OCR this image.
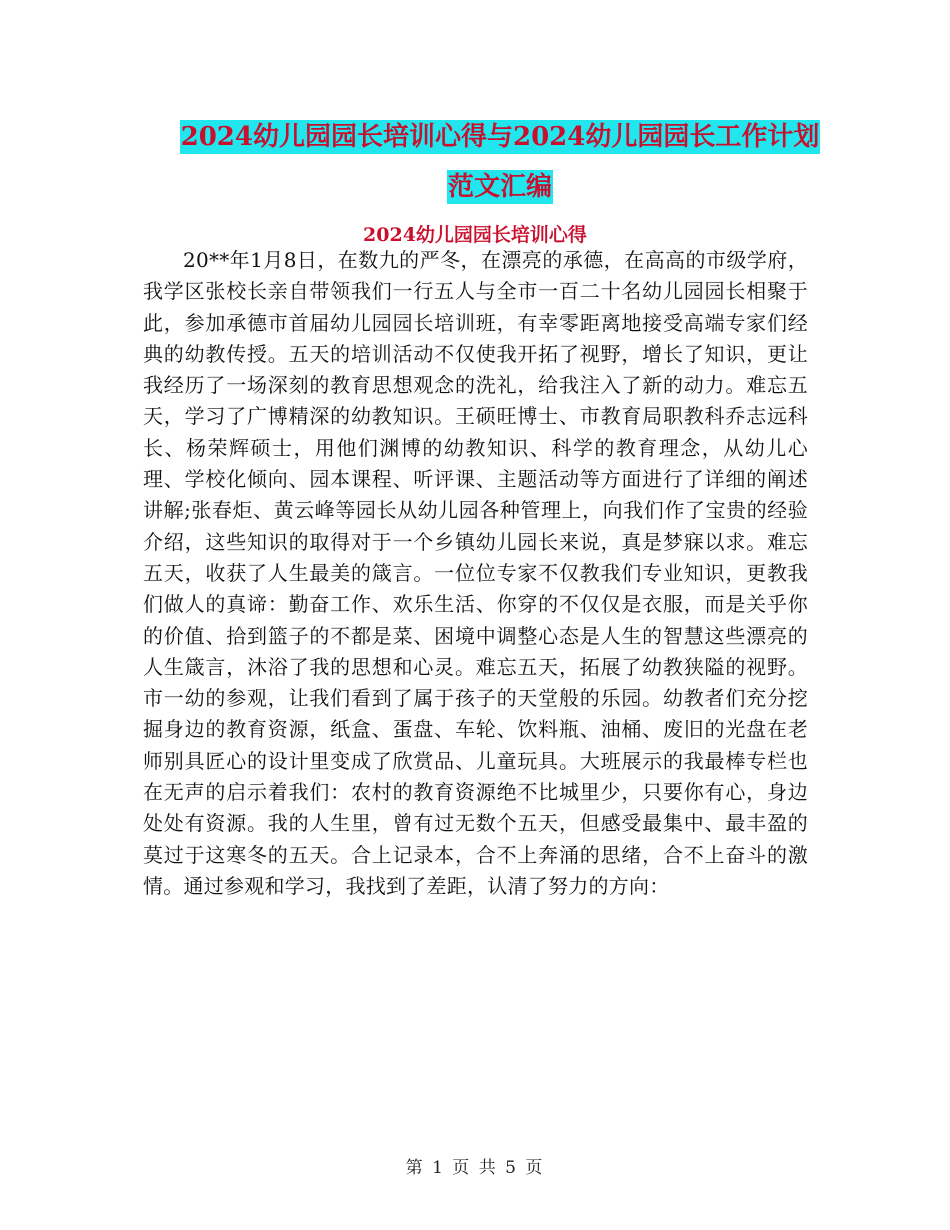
2024幼儿园园长培训心得与2024幼儿园园长工作计划
范文汇编
2024幼儿园园长培训心得

20**年1月8日，在数九的严冬，在漂亮的承德，在高高的市级学府，我学区张校长亲自带领我们一行五人与全市一百二十名幼儿园园长相聚于此，参加承德市首届幼儿园园长培训班，有幸零距离地接受高端专家们经典的幼教传授。五天的培训活动不仅使我开拓了视野，增长了知识，更让我经历了一场深刻的教育思想观念的洗礼，给我注入了新的动力。难忘五天，学习了广博精深的幼教知识。王硕旺博士、市教育局职教科乔志远科长、杨荣辉硕士，用他们渊博的幼教知识、科学的教育理念，从幼儿心理、学校化倾向、园本课程、听评课、主题活动等方面进行了详细的阐述讲解;张春炬、黄云峰等园长从幼儿园各种管理上，向我们作了宝贵的经验介绍，这些知识的取得对于一个乡镇幼儿园长来说，真是梦寐以求。难忘五天，收获了人生最美的箴言。一位位专家不仅教我们专业知识，更教我们做人的真谛：勤奋工作、欢乐生活、你穿的不仅仅是衣服，而是关乎你的价值、拾到篮子的不都是菜、困境中调整心态是人生的智慧这些漂亮的人生箴言，沐浴了我的思想和心灵。难忘五天，拓展了幼教狭隘的视野。市一幼的参观，让我们看到了属于孩子的天堂般的乐园。幼教者们充分挖掘身边的教育资源，纸盒、蛋盘、车轮、饮料瓶、油桶、废旧的光盘在老师别具匠心的设计里变成了欣赏品、儿童玩具。大班展示的我最棒专栏也在无声的启示着我们：农村的教育资源绝不比城里少，只要你有心，身边处处有资源。我的人生里，曾有过无数个五天，但感受最集中、最丰盈的莫过于这寒冬的五天。合上记录本，合不上奔涌的思绪，合不上奋斗的激情。通过参观和学习，我找到了差距，认清了努力的方向：

第 1 页 共 5 页
